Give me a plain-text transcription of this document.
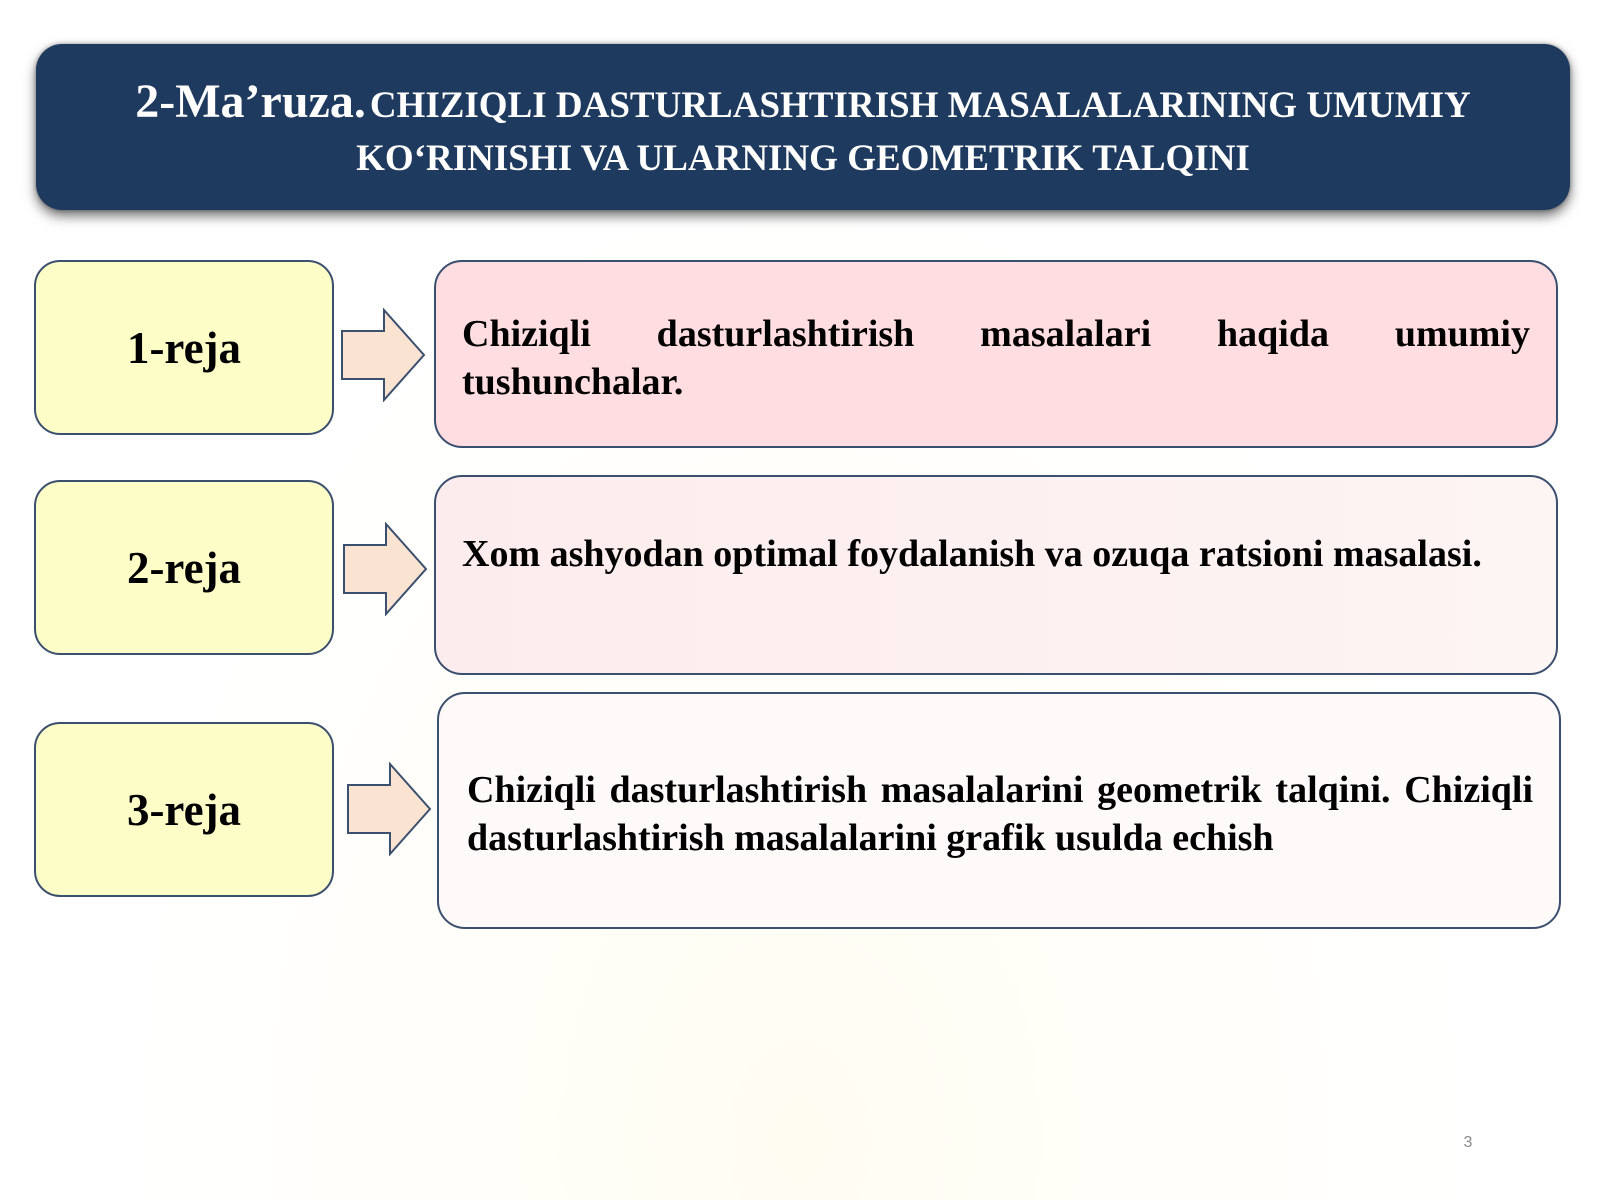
2-Ma’ruza. CHIZIQLI DASTURLASHTIRISH MASALALARINING UMUMIY KO‘RINISHI VA ULARNING GEOMETRIK TALQINI
1-reja	Chiziqli dasturlashtirish masalalari haqida umumiy tushunchalar.
2-reja	Xom ashyodan optimal foydalanish va ozuqa ratsioni masalasi.
3-reja	Chiziqli dasturlashtirish masalalarini geometrik talqini. Chiziqli dasturlashtirish masalalarini grafik usulda echish
3
